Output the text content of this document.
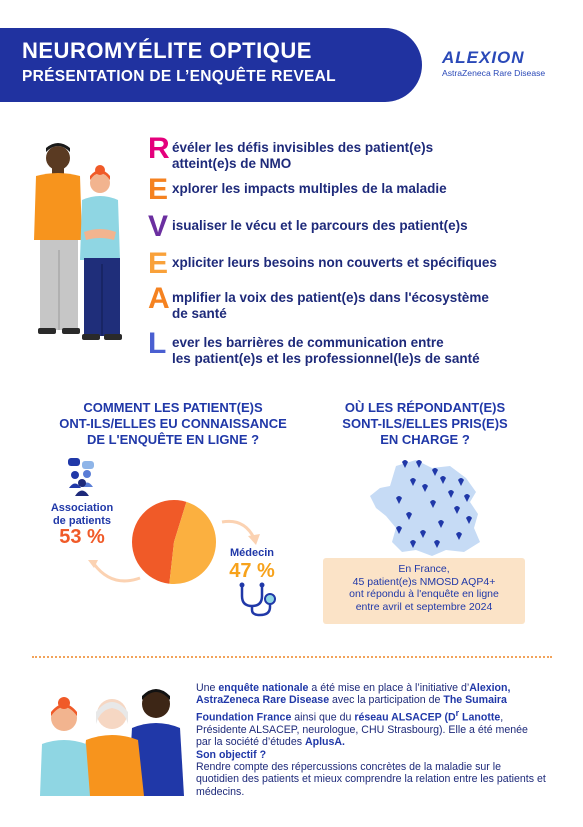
NEUROMYÉLITE OPTIQUE
PRÉSENTATION DE L’ENQUÊTE REVEAL
ALEXION
AstraZeneca Rare Disease
R évéler les défis invisibles des patient(e)s
atteint(e)s de NMO
E xplorer les impacts multiples de la maladie
V isualiser le vécu et le parcours des patient(e)s
E xpliciter leurs besoins non couverts et spécifiques
A mplifier la voix des patient(e)s dans l'écosystème
de santé
L ever les barrières de communication entre
les patient(e)s et les professionnel(le)s de santé
COMMENT LES PATIENT(E)S
ONT-ILS/ELLES EU CONNAISSANCE
DE L'ENQUÊTE EN LIGNE ?
OÙ LES RÉPONDANT(E)S
SONT-ILS/ELLES PRIS(E)S
EN CHARGE ?
Association
de patients
53 %
Médecin
47 %	En France,
45 patient(e)s NMOSD AQP4+
ont répondu à l'enquête en ligne
entre avril et septembre 2024
Une enquête nationale a été mise en place à l’initiative d’Alexion, AstraZeneca Rare Disease avec la participation de The Sumaira Foundation France ainsi que du réseau ALSACEP ($D^r$ Lanotte, Présidente ALSACEP, neurologue, CHU Strasbourg). Elle a été menée par la société d’études AplusA.
Son objectif ?
Rendre compte des répercussions concrètes de la maladie sur le quotidien des patients et mieux comprendre la relation entre les patients et médecins.
